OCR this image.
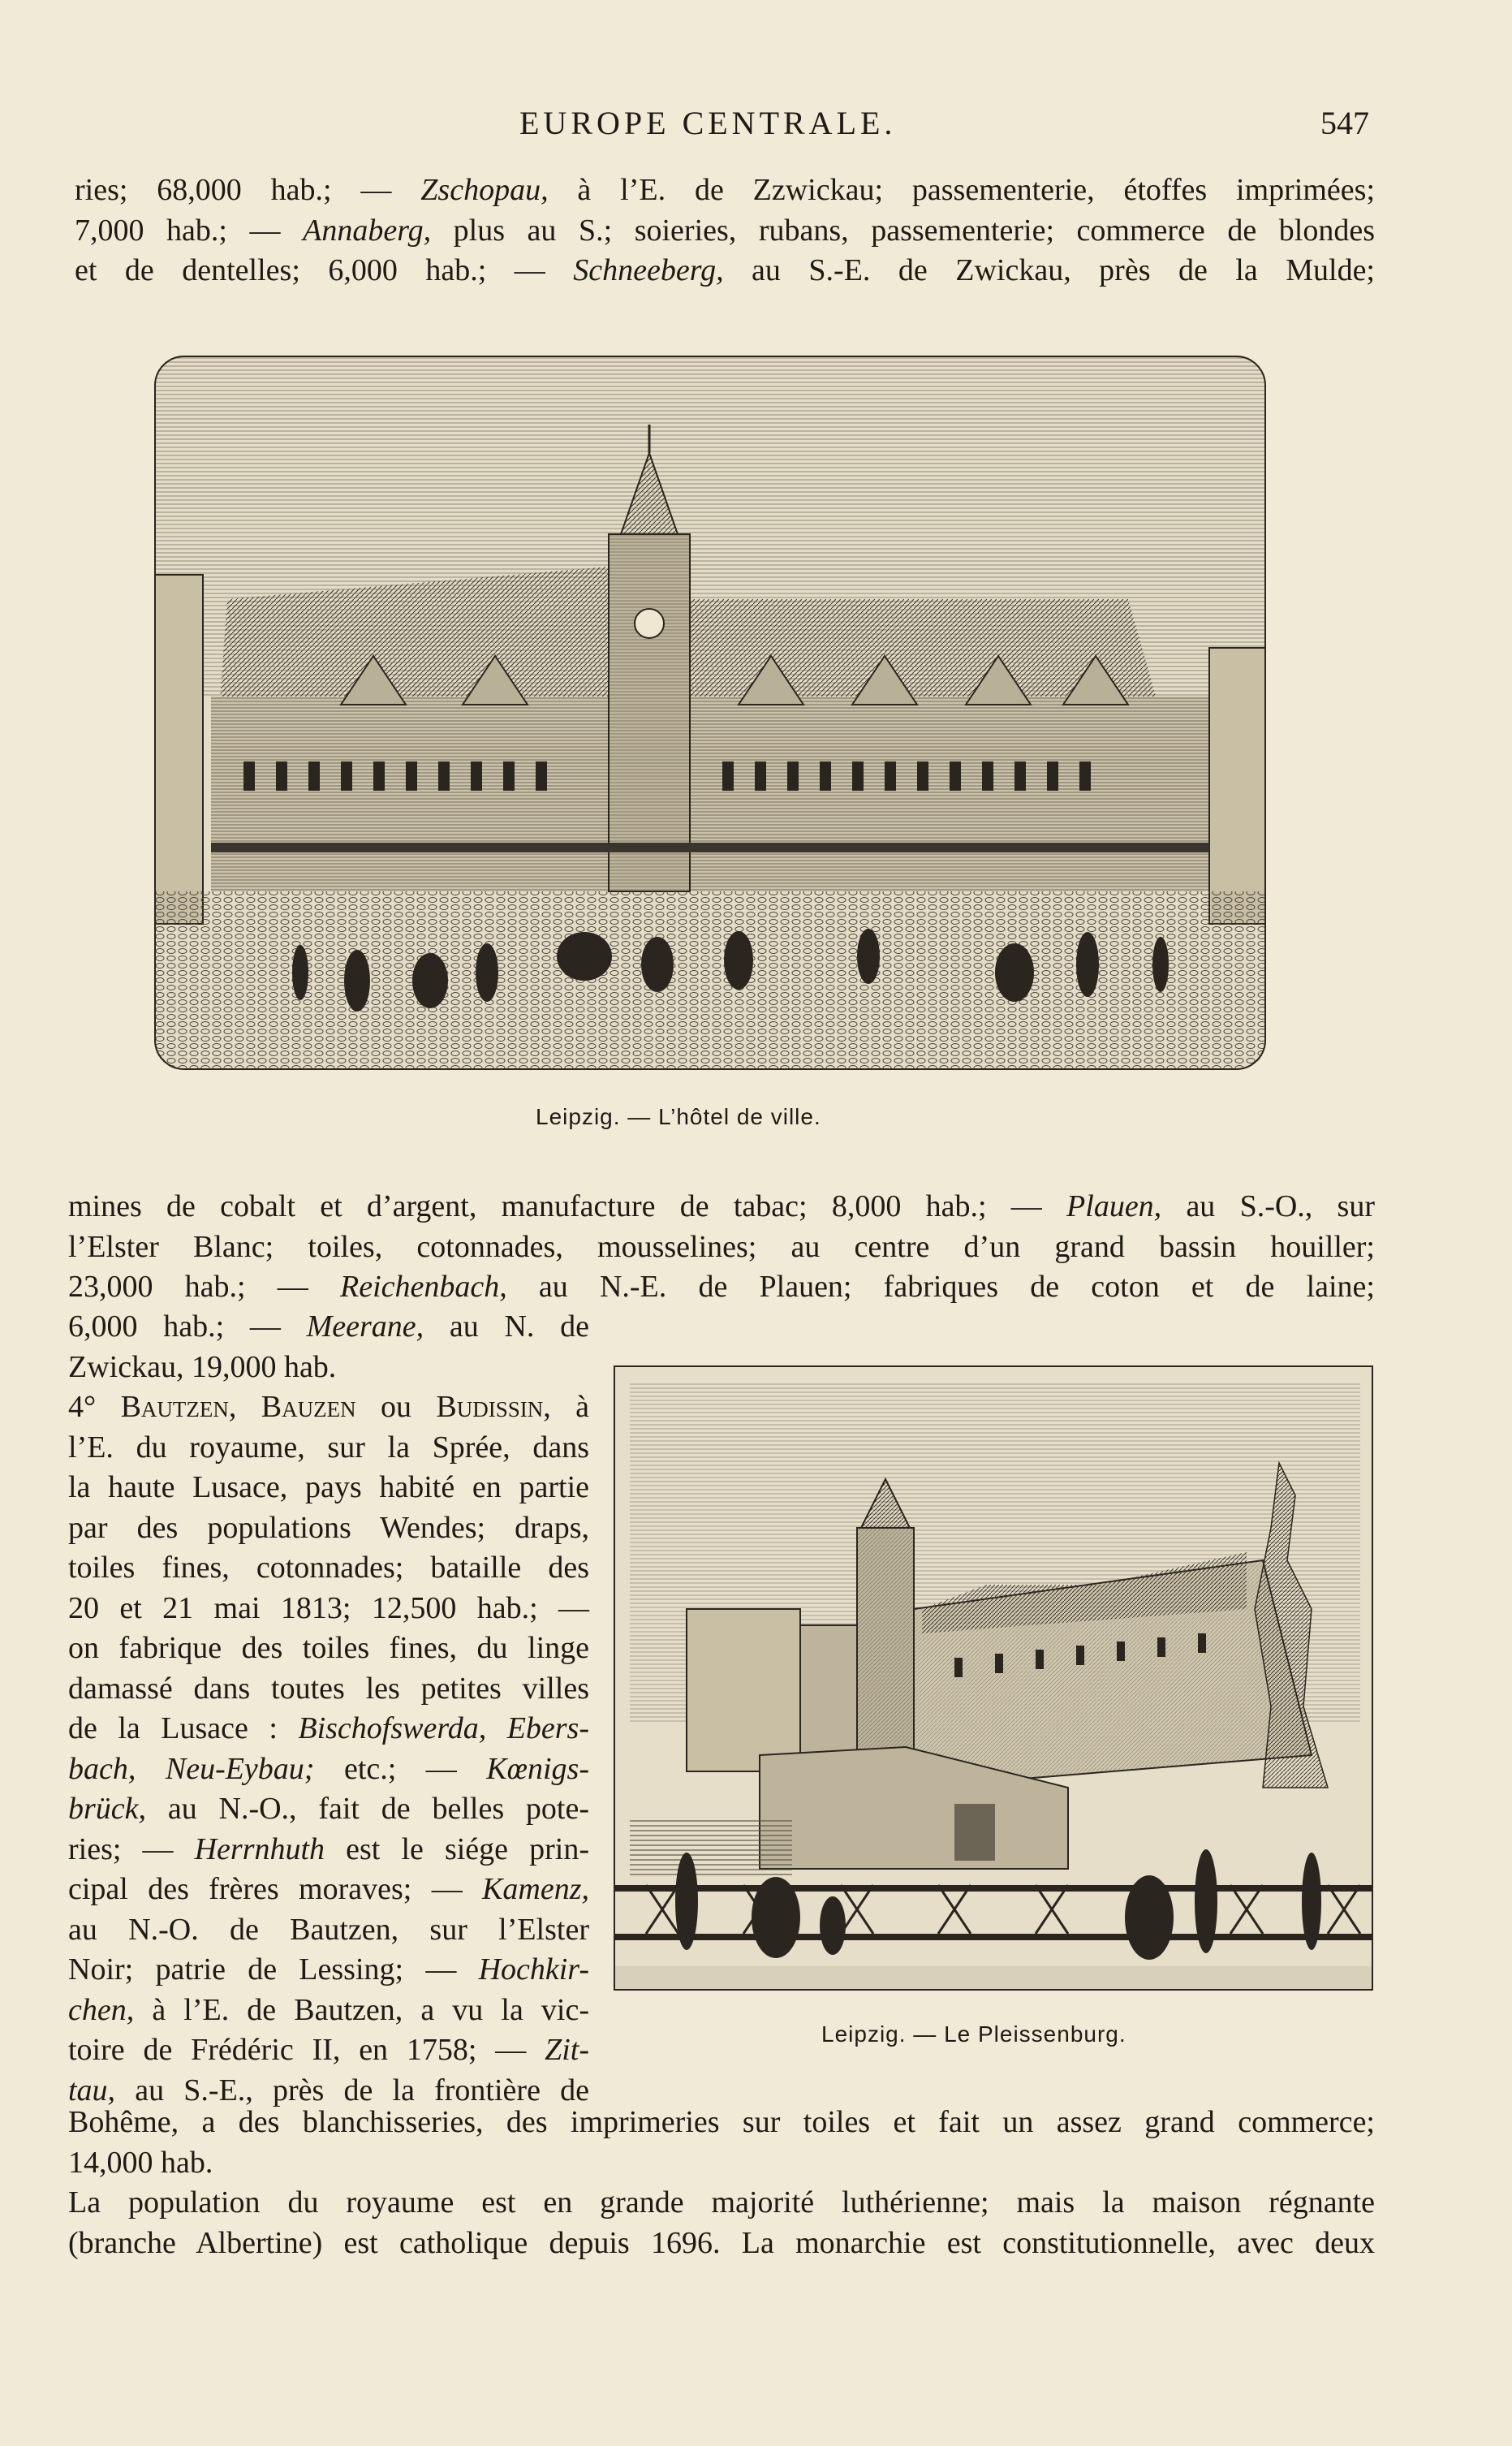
EUROPE CENTRALE.	547
ries; 68,000 hab.; — Zschopau, à l’E. de Zzwickau; passementerie, étoffes imprimées;
7,000 hab.; — Annaberg, plus au S.; soieries, rubans, passementerie; commerce de blondes
et de dentelles; 6,000 hab.; — Schneeberg, au S.-E. de Zwickau, près de la Mulde;
Leipzig. — L’hôtel de ville.
mines de cobalt et d’argent, manufacture de tabac; 8,000 hab.; — Plauen, au S.-O., sur
l’Elster Blanc; toiles, cotonnades, mousselines; au centre d’un grand bassin houiller;
23,000 hab.; — Reichenbach, au N.-E. de Plauen; fabriques de coton et de laine;
6,000 hab.; — Meerane, au N. de
Zwickau, 19,000 hab.
4° Bautzen, Bauzen ou Budissin, à
l’E. du royaume, sur la Sprée, dans
la haute Lusace, pays habité en partie
par des populations Wendes; draps,
toiles fines, cotonnades; bataille des
20 et 21 mai 1813; 12,500 hab.; —
on fabrique des toiles fines, du linge
damassé dans toutes les petites villes
de la Lusace : Bischofswerda, Ebers-
bach, Neu-Eybau; etc.; — Kœnigs-
brück, au N.-O., fait de belles pote-
ries; — Herrnhuth est le siége prin-
cipal des frères moraves; — Kamenz,
au N.-O. de Bautzen, sur l’Elster
Noir; patrie de Lessing; — Hochkir-
chen, à l’E. de Bautzen, a vu la vic-
toire de Frédéric II, en 1758; — Zit-
tau, au S.-E., près de la frontière de
Leipzig. — Le Pleissenburg.
Bohême, a des blanchisseries, des imprimeries sur toiles et fait un assez grand commerce;
14,000 hab.
La population du royaume est en grande majorité luthérienne; mais la maison régnante
(branche Albertine) est catholique depuis 1696. La monarchie est constitutionnelle, avec deux
